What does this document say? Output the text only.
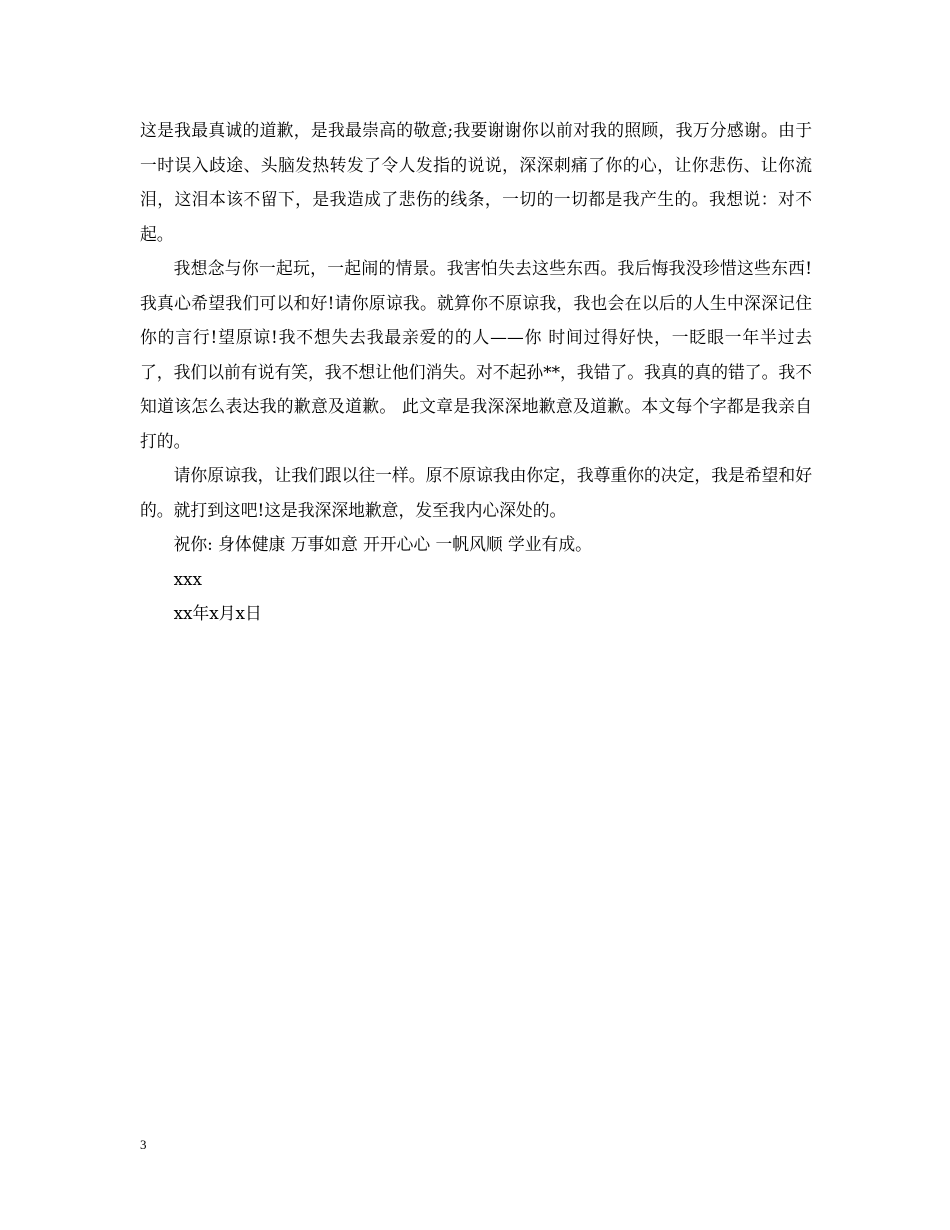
这是我最真诚的道歉，是我最崇高的敬意;我要谢谢你以前对我的照顾，我万分感谢。由于一时误入歧途、头脑发热转发了令人发指的说说，深深刺痛了你的心，让你悲伤、让你流泪，这泪本该不留下，是我造成了悲伤的线条，一切的一切都是我产生的。我想说：对不起。

我想念与你一起玩，一起闹的情景。我害怕失去这些东西。我后悔我没珍惜这些东西!我真心希望我们可以和好!请你原谅我。就算你不原谅我，我也会在以后的人生中深深记住你的言行!望原谅!我不想失去我最亲爱的的人——你 时间过得好快，一眨眼一年半过去了，我们以前有说有笑，我不想让他们消失。对不起孙**，我错了。我真的真的错了。我不知道该怎么表达我的歉意及道歉。 此文章是我深深地歉意及道歉。本文每个字都是我亲自打的。

请你原谅我，让我们跟以往一样。原不原谅我由你定，我尊重你的决定，我是希望和好的。就打到这吧!这是我深深地歉意，发至我内心深处的。

祝你: 身体健康 万事如意 开开心心 一帆风顺 学业有成。

xxx

xx年x月x日

3
